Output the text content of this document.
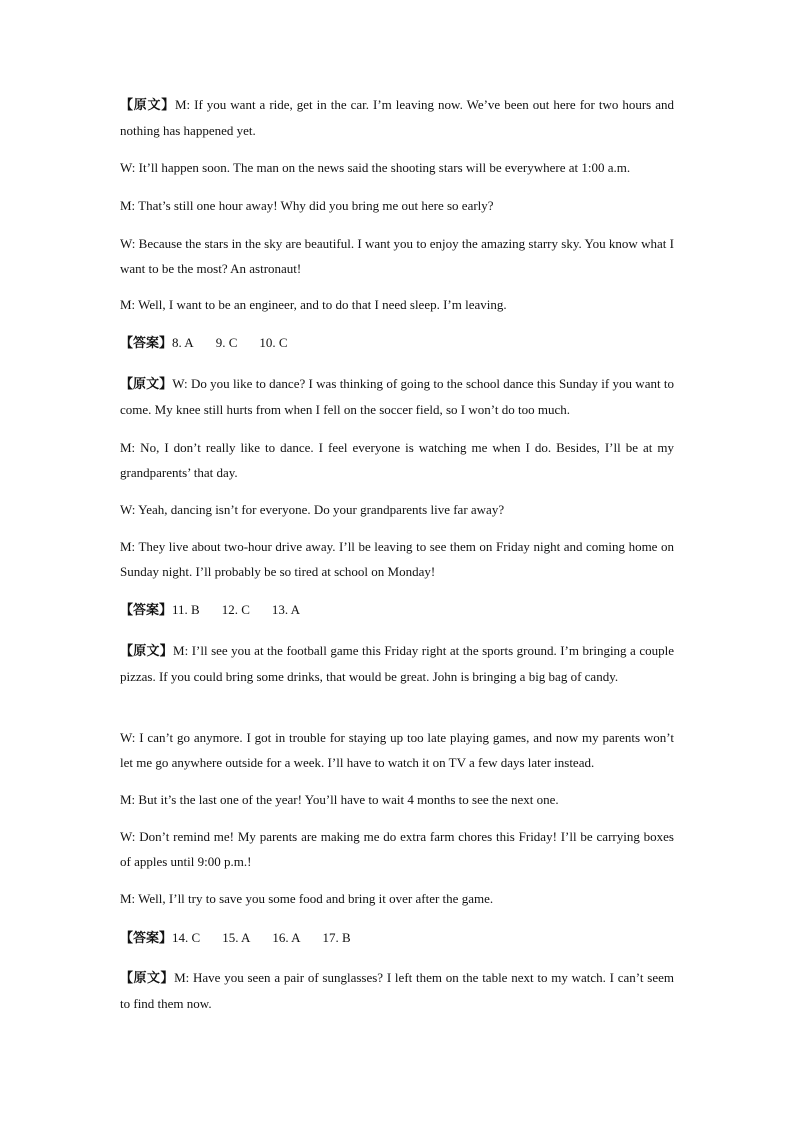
【原文】M: If you want a ride, get in the car. I’m leaving now. We’ve been out here for two hours and nothing has happened yet.

W: It’ll happen soon. The man on the news said the shooting stars will be everywhere at 1:00 a.m.

M: That’s still one hour away! Why did you bring me out here so early?

W: Because the stars in the sky are beautiful. I want you to enjoy the amazing starry sky. You know what I want to be the most? An astronaut!

M: Well, I want to be an engineer, and to do that I need sleep. I’m leaving.

【答案】8. A 9. C 10. C

【原文】W: Do you like to dance? I was thinking of going to the school dance this Sunday if you want to come. My knee still hurts from when I fell on the soccer field, so I won’t do too much.

M: No, I don’t really like to dance. I feel everyone is watching me when I do. Besides, I’ll be at my grandparents’ that day.

W: Yeah, dancing isn’t for everyone. Do your grandparents live far away?

M: They live about two-hour drive away. I’ll be leaving to see them on Friday night and coming home on Sunday night. I’ll probably be so tired at school on Monday!

【答案】11. B 12. C 13. A

【原文】M: I’ll see you at the football game this Friday right at the sports ground. I’m bringing a couple pizzas. If you could bring some drinks, that would be great. John is bringing a big bag of candy.

W: I can’t go anymore. I got in trouble for staying up too late playing games, and now my parents won’t let me go anywhere outside for a week. I’ll have to watch it on TV a few days later instead.

M: But it’s the last one of the year! You’ll have to wait 4 months to see the next one.

W: Don’t remind me! My parents are making me do extra farm chores this Friday! I’ll be carrying boxes of apples until 9:00 p.m.!

M: Well, I’ll try to save you some food and bring it over after the game.

【答案】14. C 15. A 16. A 17. B

【原文】M: Have you seen a pair of sunglasses? I left them on the table next to my watch. I can’t seem to find them now.
